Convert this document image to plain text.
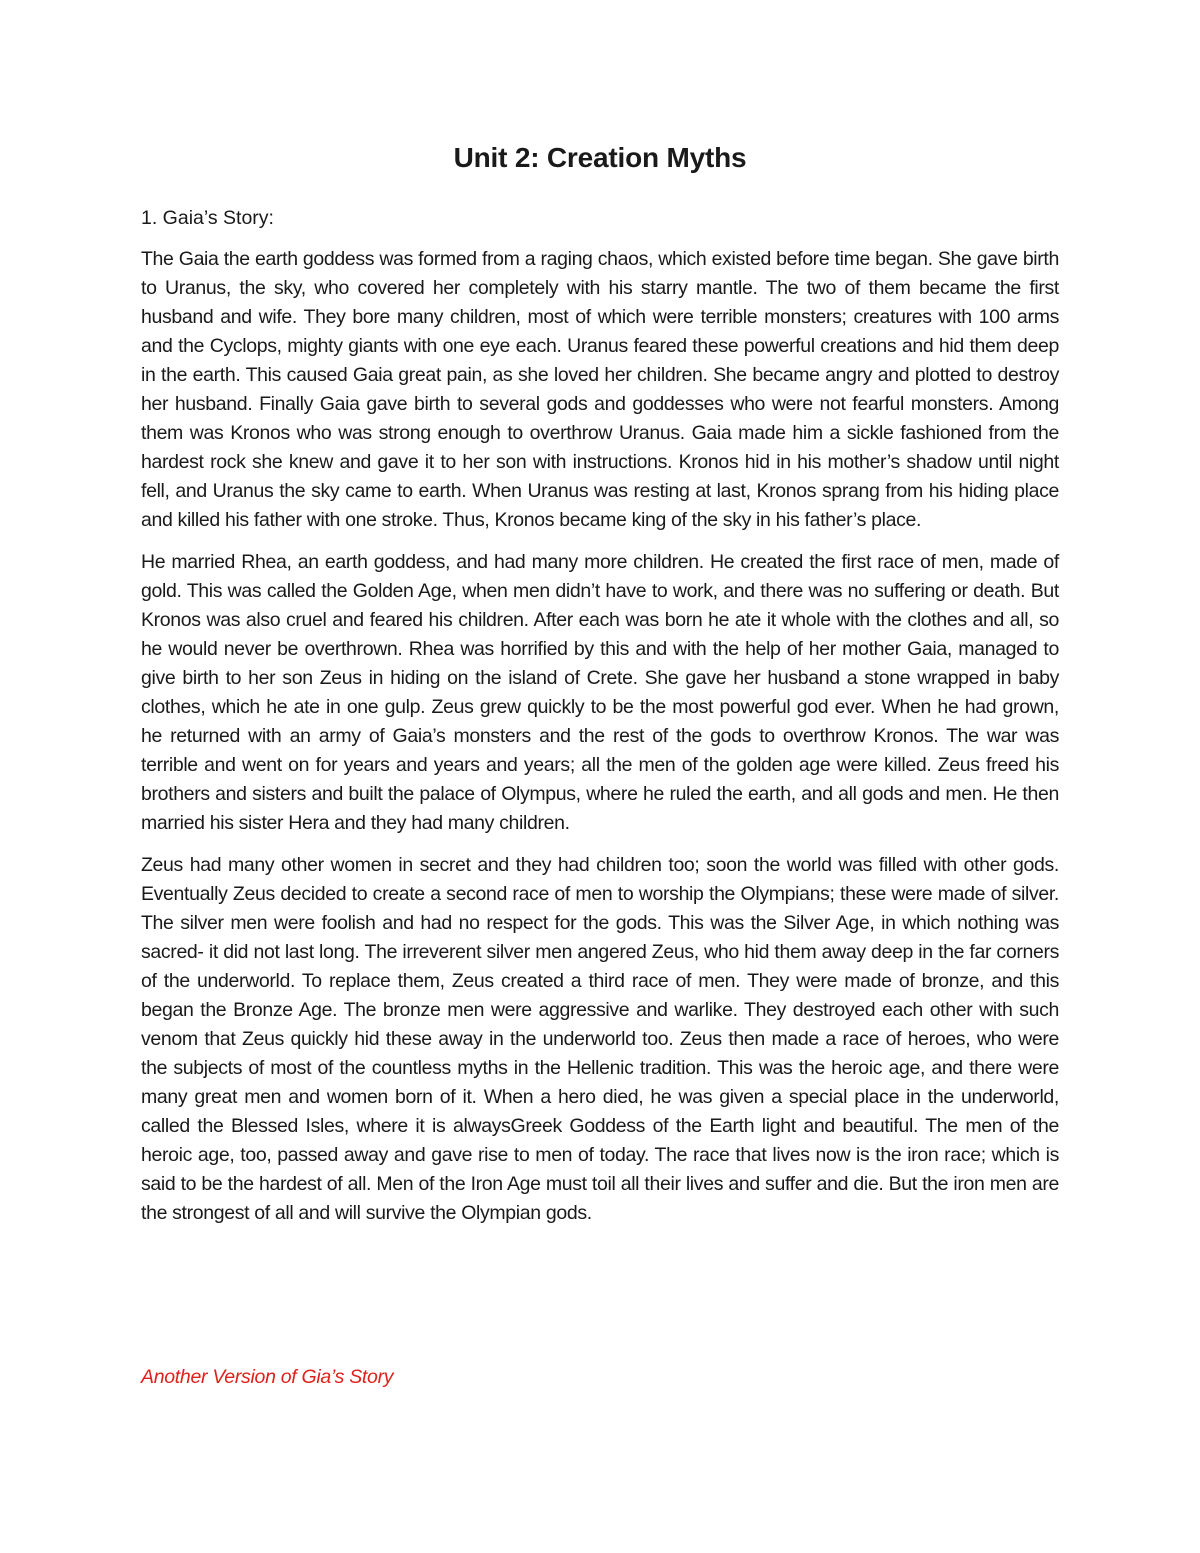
Unit 2: Creation Myths

1. Gaia’s Story:

The Gaia the earth goddess was formed from a raging chaos, which existed before time began. She gave birth to Uranus, the sky, who covered her completely with his starry mantle. The two of them became the first husband and wife. They bore many children, most of which were terrible monsters; creatures with 100 arms and the Cyclops, mighty giants with one eye each. Uranus feared these powerful creations and hid them deep in the earth. This caused Gaia great pain, as she loved her children. She became angry and plotted to destroy her husband. Finally Gaia gave birth to several gods and goddesses who were not fearful monsters. Among them was Kronos who was strong enough to overthrow Uranus. Gaia made him a sickle fashioned from the hardest rock she knew and gave it to her son with instructions. Kronos hid in his mother’s shadow until night fell, and Uranus the sky came to earth. When Uranus was resting at last, Kronos sprang from his hiding place and killed his father with one stroke. Thus, Kronos became king of the sky in his father’s place.

He married Rhea, an earth goddess, and had many more children. He created the first race of men, made of gold. This was called the Golden Age, when men didn’t have to work, and there was no suffering or death. But Kronos was also cruel and feared his children. After each was born he ate it whole with the clothes and all, so he would never be overthrown. Rhea was horrified by this and with the help of her mother Gaia, managed to give birth to her son Zeus in hiding on the island of Crete. She gave her husband a stone wrapped in baby clothes, which he ate in one gulp. Zeus grew quickly to be the most powerful god ever. When he had grown, he returned with an army of Gaia’s monsters and the rest of the gods to overthrow Kronos. The war was terrible and went on for years and years and years; all the men of the golden age were killed. Zeus freed his brothers and sisters and built the palace of Olympus, where he ruled the earth, and all gods and men. He then married his sister Hera and they had many children.

Zeus had many other women in secret and they had children too; soon the world was filled with other gods. Eventually Zeus decided to create a second race of men to worship the Olympians; these were made of silver. The silver men were foolish and had no respect for the gods. This was the Silver Age, in which nothing was sacred- it did not last long. The irreverent silver men angered Zeus, who hid them away deep in the far corners of the underworld. To replace them, Zeus created a third race of men. They were made of bronze, and this began the Bronze Age. The bronze men were aggressive and warlike. They destroyed each other with such venom that Zeus quickly hid these away in the underworld too. Zeus then made a race of heroes, who were the subjects of most of the countless myths in the Hellenic tradition. This was the heroic age, and there were many great men and women born of it. When a hero died, he was given a special place in the underworld, called the Blessed Isles, where it is alwaysGreek Goddess of the Earth light and beautiful. The men of the heroic age, too, passed away and gave rise to men of today. The race that lives now is the iron race; which is said to be the hardest of all. Men of the Iron Age must toil all their lives and suffer and die. But the iron men are the strongest of all and will survive the Olympian gods.

Another Version of Gia’s Story
